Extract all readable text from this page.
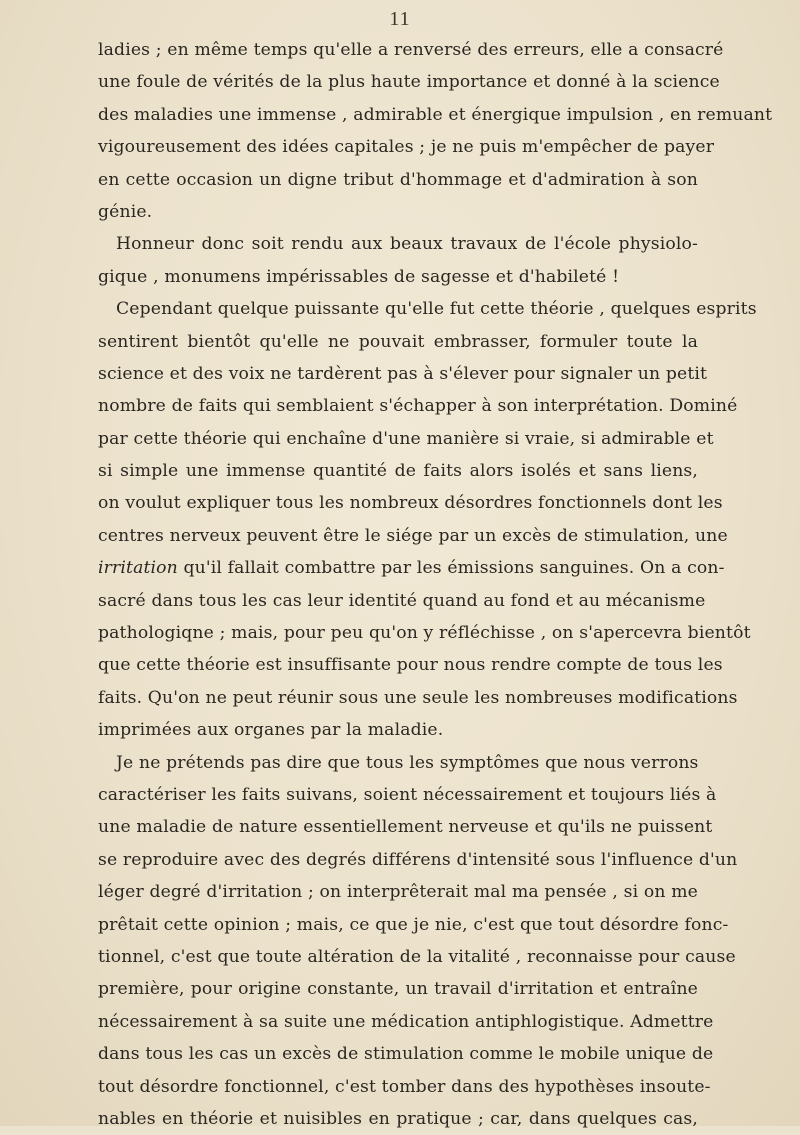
11
ladies ; en même temps qu'elle a renversé des erreurs, elle a consacré
une foule de vérités de la plus haute importance et donné à la science
des maladies une immense , admirable et énergique impulsion , en remuant
vigoureusement des idées capitales ; je ne puis m'empêcher de payer
en cette occasion un digne tribut d'hommage et d'admiration à son
génie.
Honneur donc soit rendu aux beaux travaux de l'école physiolo-
gique , monumens impérissables de sagesse et d'habileté !
Cependant quelque puissante qu'elle fut cette théorie , quelques esprits
sentirent bientôt qu'elle ne pouvait embrasser, formuler toute la
science et des voix ne tardèrent pas à s'élever pour signaler un petit
nombre de faits qui semblaient s'échapper à son interprétation. Dominé
par cette théorie qui enchaîne d'une manière si vraie, si admirable et
si simple une immense quantité de faits alors isolés et sans liens,
on voulut expliquer tous les nombreux désordres fonctionnels dont les
centres nerveux peuvent être le siége par un excès de stimulation, une
irritation qu'il fallait combattre par les émissions sanguines. On a con-
sacré dans tous les cas leur identité quand au fond et au mécanisme
pathologiqne ; mais, pour peu qu'on y réfléchisse , on s'apercevra bientôt
que cette théorie est insuffisante pour nous rendre compte de tous les
faits. Qu'on ne peut réunir sous une seule les nombreuses modifications
imprimées aux organes par la maladie.
Je ne prétends pas dire que tous les symptômes que nous verrons
caractériser les faits suivans, soient nécessairement et toujours liés à
une maladie de nature essentiellement nerveuse et qu'ils ne puissent
se reproduire avec des degrés différens d'intensité sous l'influence d'un
léger degré d'irritation ; on interprêterait mal ma pensée , si on me
prêtait cette opinion ; mais, ce que je nie, c'est que tout désordre fonc-
tionnel, c'est que toute altération de la vitalité , reconnaisse pour cause
première, pour origine constante, un travail d'irritation et entraîne
nécessairement à sa suite une médication antiphlogistique. Admettre
dans tous les cas un excès de stimulation comme le mobile unique de
tout désordre fonctionnel, c'est tomber dans des hypothèses insoute-
nables en théorie et nuisibles en pratique ; car, dans quelques cas,
